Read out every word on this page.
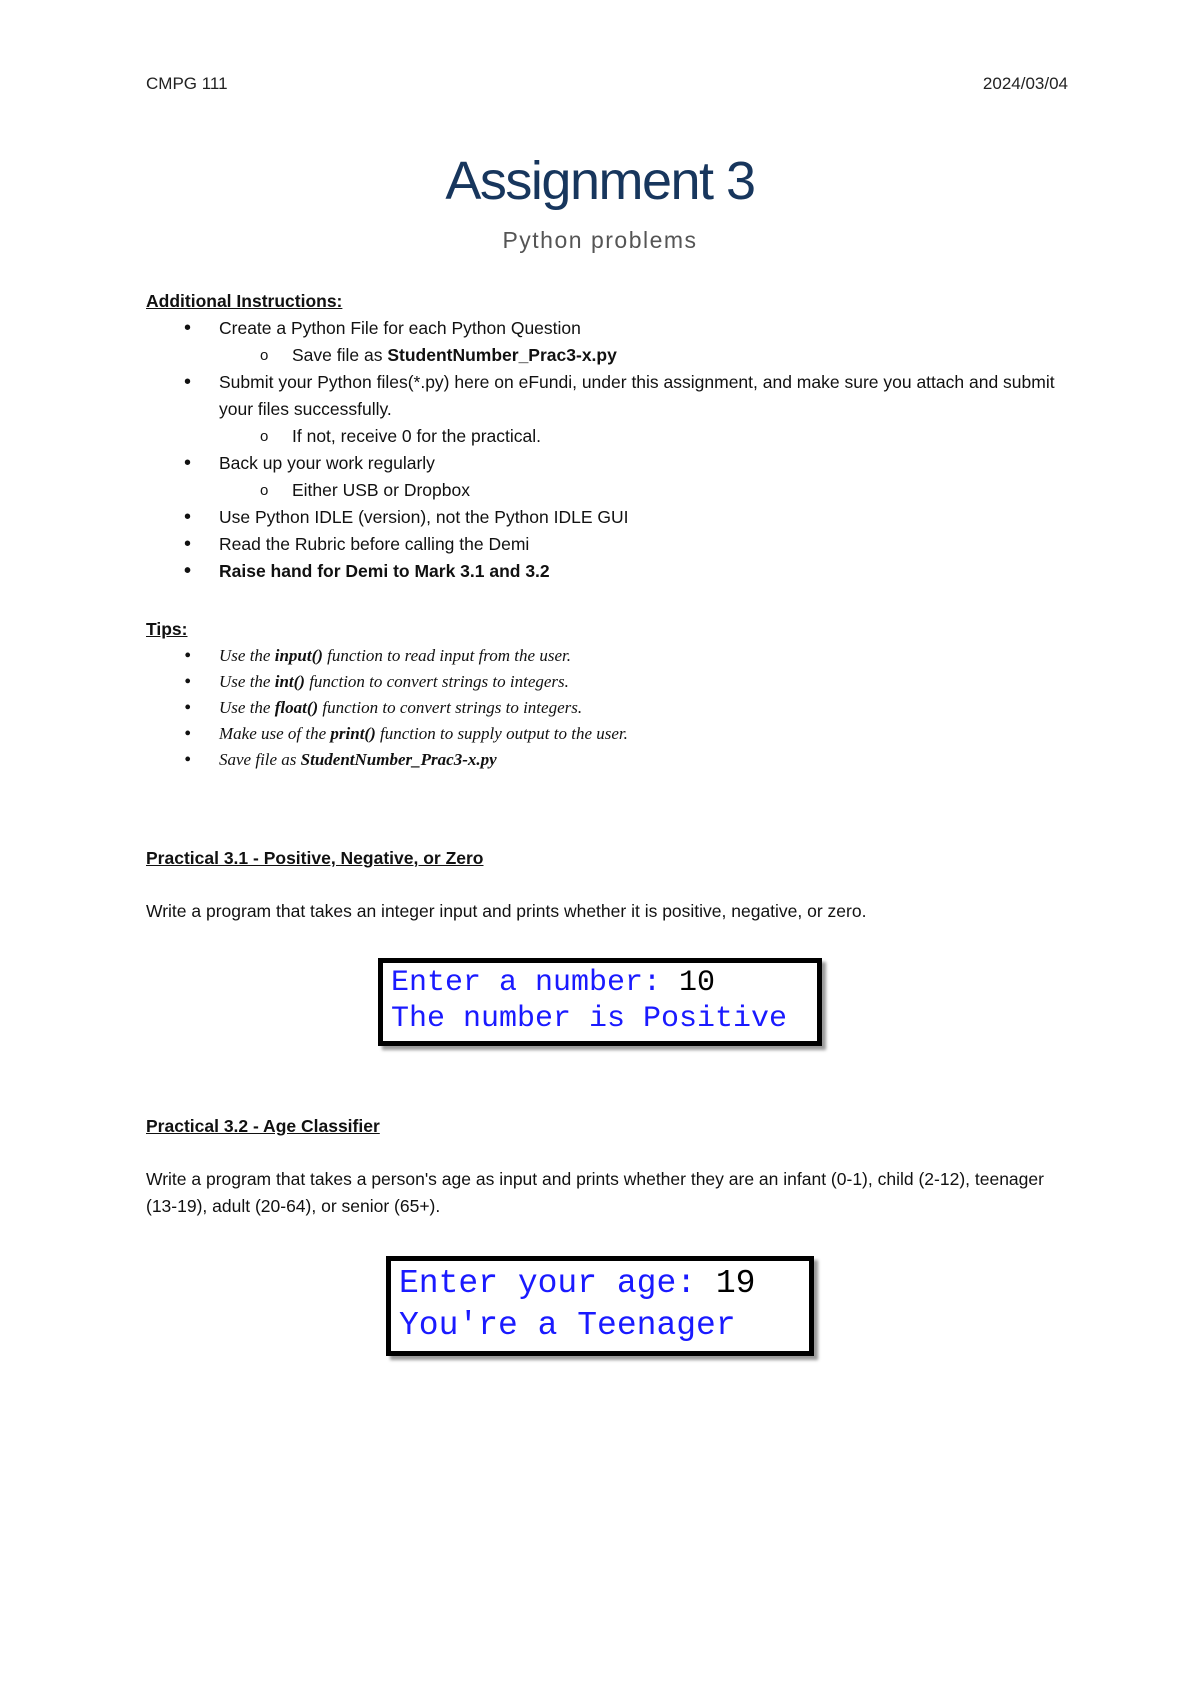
CMPG 111	2024/03/04
Assignment 3
Python problems
Additional Instructions:
• Create a Python File for each Python Question
o Save file as StudentNumber_Prac3-x.py
• Submit your Python files(*.py) here on eFundi, under this assignment, and make sure you attach and submit your files successfully.
o If not, receive 0 for the practical.
• Back up your work regularly
o Either USB or Dropbox
• Use Python IDLE (version), not the Python IDLE GUI
• Read the Rubric before calling the Demi
• Raise hand for Demi to Mark 3.1 and 3.2
Tips:
• Use the input() function to read input from the user.
• Use the int() function to convert strings to integers.
• Use the float() function to convert strings to integers.
• Make use of the print() function to supply output to the user.
• Save file as StudentNumber_Prac3-x.py
Practical 3.1 - Positive, Negative, or Zero
Write a program that takes an integer input and prints whether it is positive, negative, or zero.
Enter a number: 10
The number is Positive
Practical 3.2 - Age Classifier
Write a program that takes a person's age as input and prints whether they are an infant (0-1), child (2-12), teenager (13-19), adult (20-64), or senior (65+).
Enter your age: 19
You're a Teenager
